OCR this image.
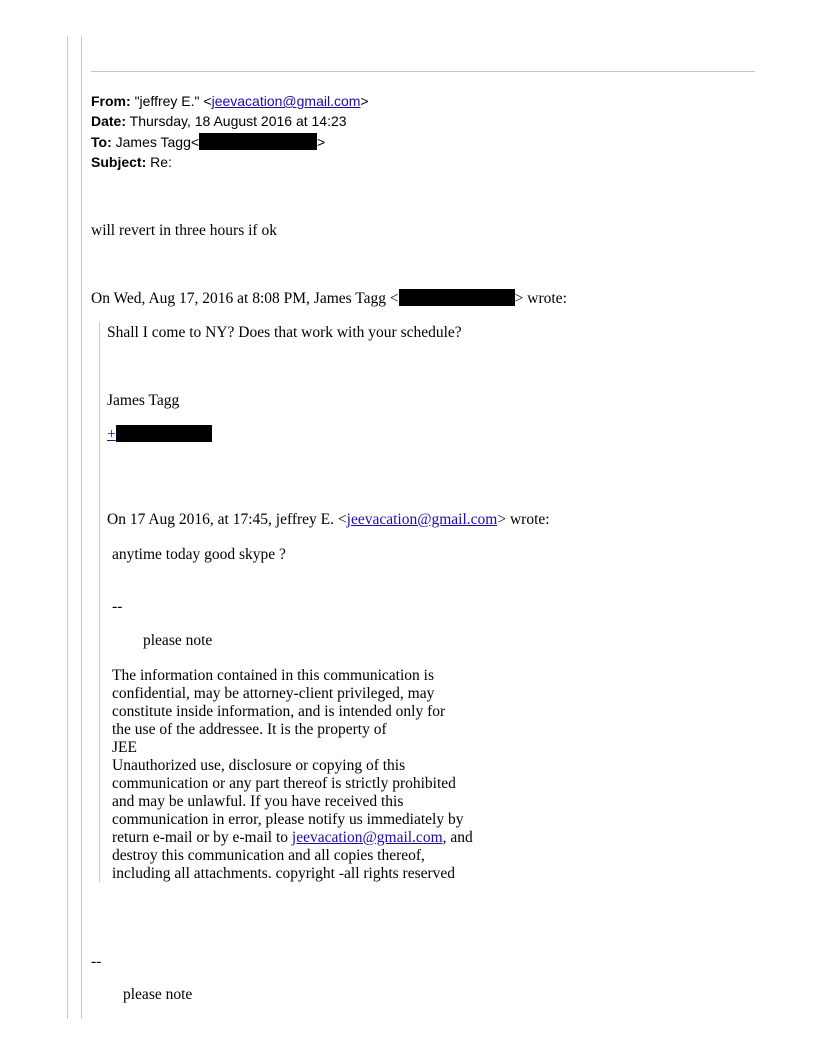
From: "jeffrey E." <jeevacation@gmail.com>
Date: Thursday, 18 August 2016 at 14:23
To: James Tagg<	>
Subject: Re:
will revert in three hours if ok
On Wed, Aug 17, 2016 at 8:08 PM, James Tagg <	> wrote:
Shall I come to NY? Does that work with your schedule?
James Tagg
+
On 17 Aug 2016, at 17:45, jeffrey E. <jeevacation@gmail.com> wrote:
anytime today good skype ?
--
please note
The information contained in this communication is
confidential, may be attorney-client privileged, may
constitute inside information, and is intended only for
the use of the addressee. It is the property of
JEE
Unauthorized use, disclosure or copying of this
communication or any part thereof is strictly prohibited
and may be unlawful. If you have received this
communication in error, please notify us immediately by
return e-mail or by e-mail to jeevacation@gmail.com, and
destroy this communication and all copies thereof,
including all attachments. copyright -all rights reserved
--
please note
